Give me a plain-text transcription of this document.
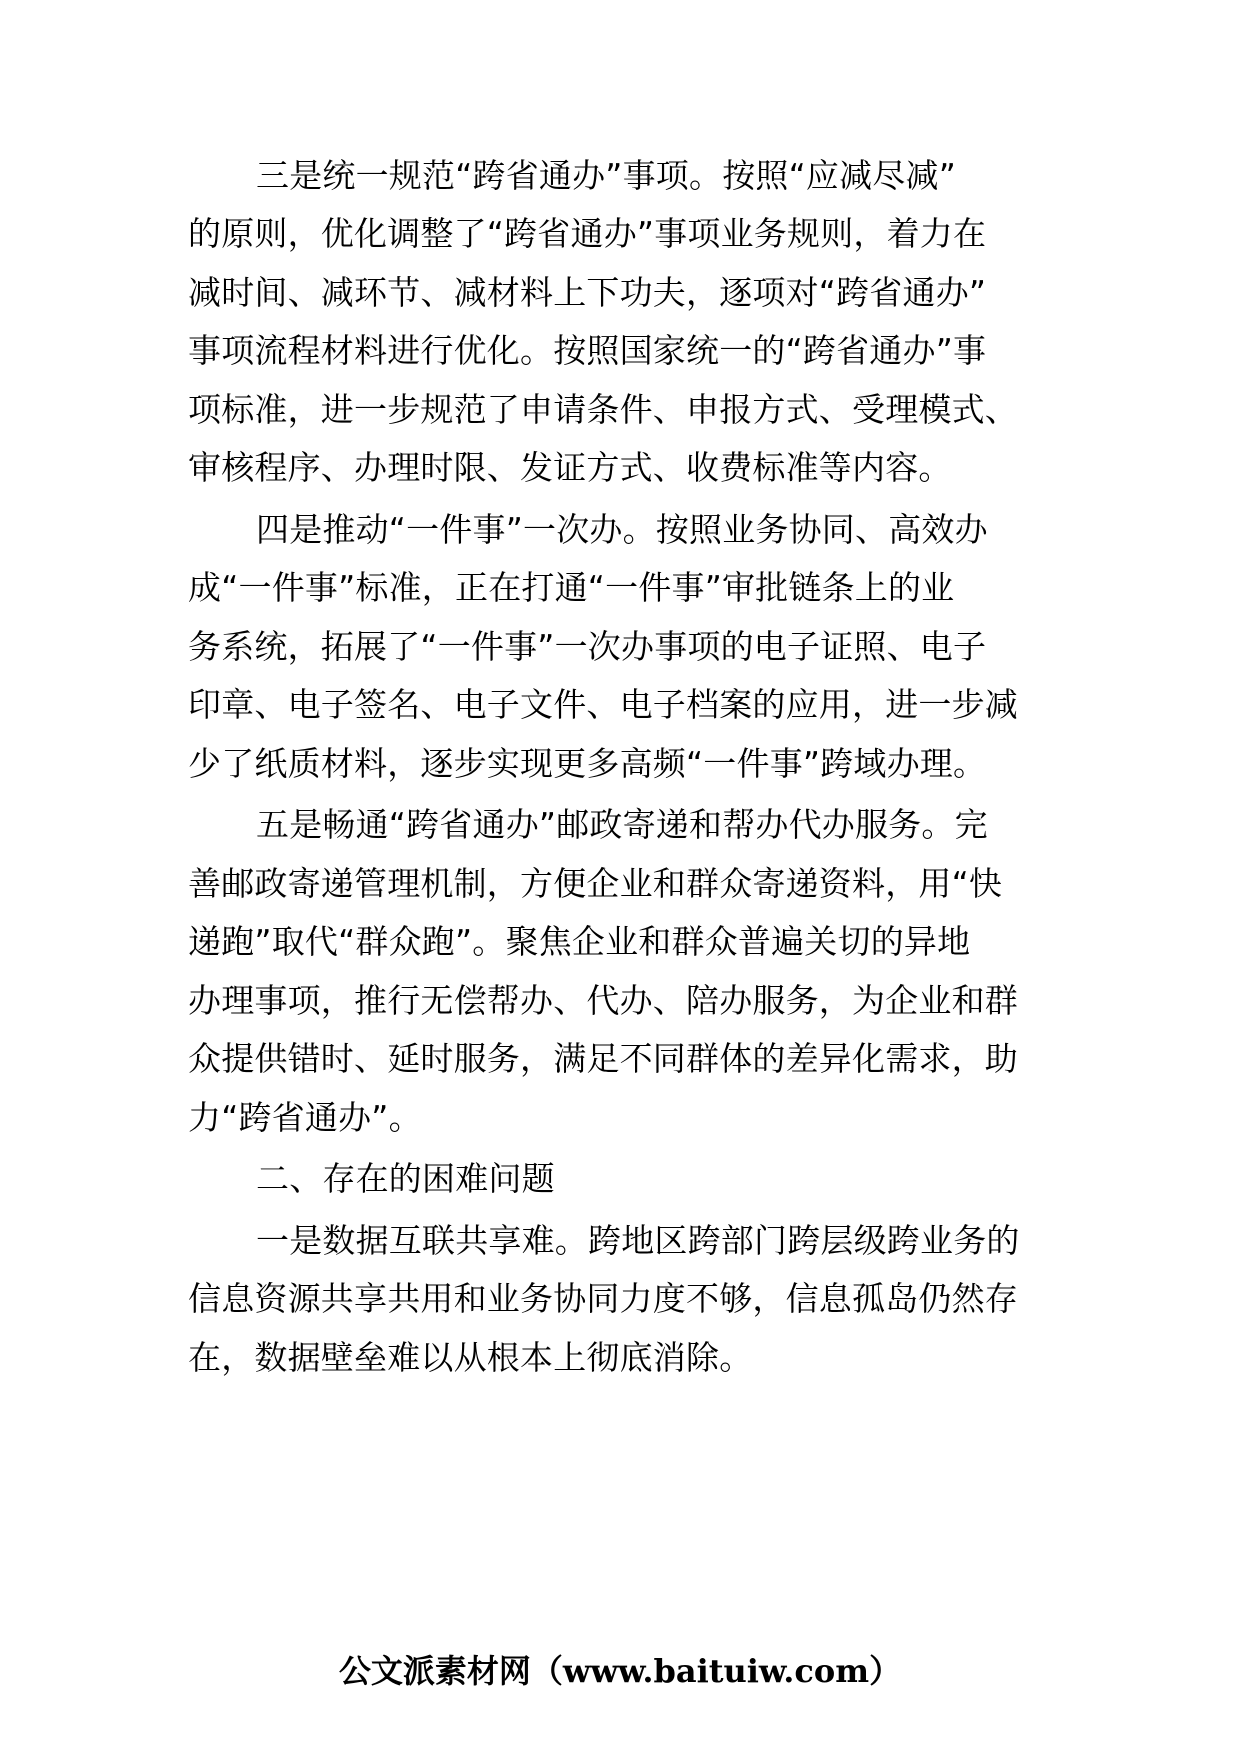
三是统一规范“跨省通办”事项。按照“应减尽减”
的原则，优化调整了“跨省通办”事项业务规则，着力在
减时间、减环节、减材料上下功夫，逐项对“跨省通办”
事项流程材料进行优化。按照国家统一的“跨省通办”事
项标准，进一步规范了申请条件、申报方式、受理模式、
审核程序、办理时限、发证方式、收费标准等内容。
四是推动“一件事”一次办。按照业务协同、高效办
成“一件事”标准，正在打通“一件事”审批链条上的业
务系统，拓展了“一件事”一次办事项的电子证照、电子
印章、电子签名、电子文件、电子档案的应用，进一步减
少了纸质材料，逐步实现更多高频“一件事”跨域办理。
五是畅通“跨省通办”邮政寄递和帮办代办服务。完
善邮政寄递管理机制，方便企业和群众寄递资料，用“快
递跑”取代“群众跑”。聚焦企业和群众普遍关切的异地
办理事项，推行无偿帮办、代办、陪办服务，为企业和群
众提供错时、延时服务，满足不同群体的差异化需求，助
力“跨省通办”。
二、存在的困难问题
一是数据互联共享难。跨地区跨部门跨层级跨业务的
信息资源共享共用和业务协同力度不够，信息孤岛仍然存
在，数据壁垒难以从根本上彻底消除。
公文派素材网（www.baituiw.com）
